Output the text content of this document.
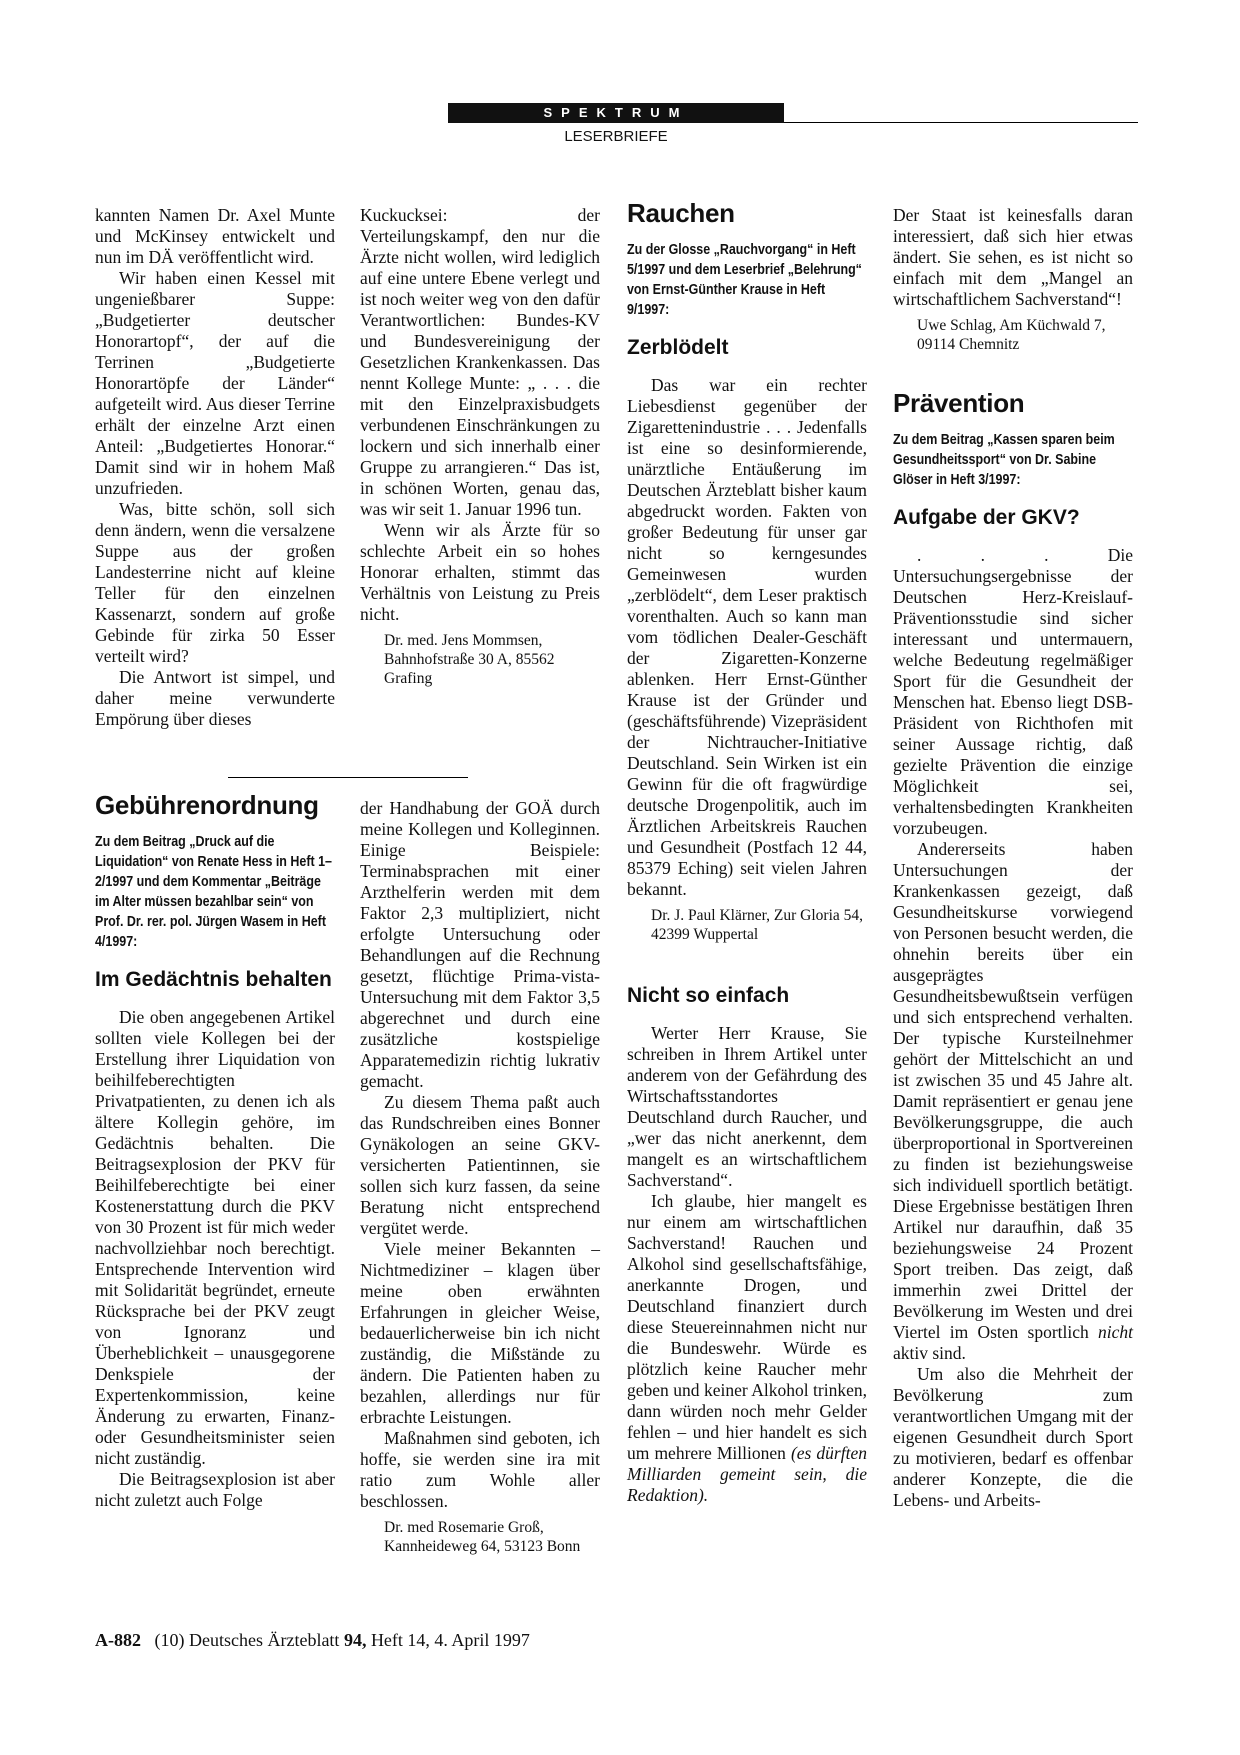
SPEKTRUM
LESERBRIEFE

kannten Namen Dr. Axel Munte und McKinsey entwickelt und nun im DÄ veröffentlicht wird.

Wir haben einen Kessel mit ungenießbarer Suppe: „Budgetierter deutscher Honorartopf“, der auf die Terrinen „Budgetierte Honorartöpfe der Länder“ aufgeteilt wird. Aus dieser Terrine erhält der einzelne Arzt einen Anteil: „Budgetiertes Honorar.“ Damit sind wir in hohem Maß unzufrieden.

Was, bitte schön, soll sich denn ändern, wenn die versalzene Suppe aus der großen Landesterrine nicht auf kleine Teller für den einzelnen Kassenarzt, sondern auf große Gebinde für zirka 50 Esser verteilt wird?

Die Antwort ist simpel, und daher meine verwunderte Empörung über dieses

Kuckucksei: der Verteilungskampf, den nur die Ärzte nicht wollen, wird lediglich auf eine untere Ebene verlegt und ist noch weiter weg von den dafür Verantwortlichen: Bundes-KV und Bundesvereinigung der Gesetzlichen Krankenkassen. Das nennt Kollege Munte: „ . . . die mit den Einzelpraxisbudgets verbundenen Einschränkungen zu lockern und sich innerhalb einer Gruppe zu arrangieren.“ Das ist, in schönen Worten, genau das, was wir seit 1. Januar 1996 tun.

Wenn wir als Ärzte für so schlechte Arbeit ein so hohes Honorar erhalten, stimmt das Verhältnis von Leistung zu Preis nicht.

Dr. med. Jens Mommsen, Bahnhofstraße 30 A, 85562 Grafing

Gebührenordnung
Zu dem Beitrag „Druck auf die Liquidation“ von Renate Hess in Heft 1–2/1997 und dem Kommentar „Beiträge im Alter müssen bezahlbar sein“ von Prof. Dr. rer. pol. Jürgen Wasem in Heft 4/1997:
Im Gedächtnis behalten

Die oben angegebenen Artikel sollten viele Kollegen bei der Erstellung ihrer Liquidation von beihilfeberechtigten Privatpatienten, zu denen ich als ältere Kollegin gehöre, im Gedächtnis behalten. Die Beitragsexplosion der PKV für Beihilfeberechtigte bei einer Kostenerstattung durch die PKV von 30 Prozent ist für mich weder nachvollziehbar noch berechtigt. Entsprechende Intervention wird mit Solidarität begründet, erneute Rücksprache bei der PKV zeugt von Ignoranz und Überheblichkeit – unausgegorene Denkspiele der Expertenkommission, keine Änderung zu erwarten, Finanz- oder Gesundheitsminister seien nicht zuständig.

Die Beitragsexplosion ist aber nicht zuletzt auch Folge

der Handhabung der GOÄ durch meine Kollegen und Kolleginnen. Einige Beispiele: Terminabsprachen mit einer Arzthelferin werden mit dem Faktor 2,3 multipliziert, nicht erfolgte Untersuchung oder Behandlungen auf die Rechnung gesetzt, flüchtige Prima-vista-Untersuchung mit dem Faktor 3,5 abgerechnet und durch eine zusätzliche kostspielige Apparatemedizin richtig lukrativ gemacht.

Zu diesem Thema paßt auch das Rundschreiben eines Bonner Gynäkologen an seine GKV-versicherten Patientinnen, sie sollen sich kurz fassen, da seine Beratung nicht entsprechend vergütet werde.

Viele meiner Bekannten – Nichtmediziner – klagen über meine oben erwähnten Erfahrungen in gleicher Weise, bedauerlicherweise bin ich nicht zuständig, die Mißstände zu ändern. Die Patienten haben zu bezahlen, allerdings nur für erbrachte Leistungen.

Maßnahmen sind geboten, ich hoffe, sie werden sine ira mit ratio zum Wohle aller beschlossen.

Dr. med Rosemarie Groß, Kannheideweg 64, 53123 Bonn

Rauchen
Zu der Glosse „Rauchvorgang“ in Heft 5/1997 und dem Leserbrief „Belehrung“ von Ernst-Günther Krause in Heft 9/1997:
Zerblödelt

Das war ein rechter Liebesdienst gegenüber der Zigarettenindustrie . . . Jedenfalls ist eine so desinformierende, unärztliche Entäußerung im Deutschen Ärzteblatt bisher kaum abgedruckt worden. Fakten von großer Bedeutung für unser gar nicht so kerngesundes Gemeinwesen wurden „zerblödelt“, dem Leser praktisch vorenthalten. Auch so kann man vom tödlichen Dealer-Geschäft der Zigaretten-Konzerne ablenken. Herr Ernst-Günther Krause ist der Gründer und (geschäftsführende) Vizepräsident der Nichtraucher-Initiative Deutschland. Sein Wirken ist ein Gewinn für die oft fragwürdige deutsche Drogenpolitik, auch im Ärztlichen Arbeitskreis Rauchen und Gesundheit (Postfach 12 44, 85379 Eching) seit vielen Jahren bekannt.

Dr. J. Paul Klärner, Zur Gloria 54, 42399 Wuppertal

Nicht so einfach

Werter Herr Krause, Sie schreiben in Ihrem Artikel unter anderem von der Gefährdung des Wirtschaftsstandortes Deutschland durch Raucher, und „wer das nicht anerkennt, dem mangelt es an wirtschaftlichem Sachverstand“.

Ich glaube, hier mangelt es nur einem am wirtschaftlichen Sachverstand! Rauchen und Alkohol sind gesellschaftsfähige, anerkannte Drogen, und Deutschland finanziert durch diese Steuereinnahmen nicht nur die Bundeswehr. Würde es plötzlich keine Raucher mehr geben und keiner Alkohol trinken, dann würden noch mehr Gelder fehlen – und hier handelt es sich um mehrere Millionen (es dürften Milliarden gemeint sein, die Redaktion).

Der Staat ist keinesfalls daran interessiert, daß sich hier etwas ändert. Sie sehen, es ist nicht so einfach mit dem „Mangel an wirtschaftlichem Sachverstand“!

Uwe Schlag, Am Küchwald 7, 09114 Chemnitz

Prävention
Zu dem Beitrag „Kassen sparen beim Gesundheitssport“ von Dr. Sabine Glöser in Heft 3/1997:
Aufgabe der GKV?

. . . Die Untersuchungsergebnisse der Deutschen Herz-Kreislauf-Präventionsstudie sind sicher interessant und untermauern, welche Bedeutung regelmäßiger Sport für die Gesundheit der Menschen hat. Ebenso liegt DSB-Präsident von Richthofen mit seiner Aussage richtig, daß gezielte Prävention die einzige Möglichkeit sei, verhaltensbedingten Krankheiten vorzubeugen.

Andererseits haben Untersuchungen der Krankenkassen gezeigt, daß Gesundheitskurse vorwiegend von Personen besucht werden, die ohnehin bereits über ein ausgeprägtes Gesundheitsbewußtsein verfügen und sich entsprechend verhalten. Der typische Kursteilnehmer gehört der Mittelschicht an und ist zwischen 35 und 45 Jahre alt. Damit repräsentiert er genau jene Bevölkerungsgruppe, die auch überproportional in Sportvereinen zu finden ist beziehungsweise sich individuell sportlich betätigt. Diese Ergebnisse bestätigen Ihren Artikel nur daraufhin, daß 35 beziehungsweise 24 Prozent Sport treiben. Das zeigt, daß immerhin zwei Drittel der Bevölkerung im Westen und drei Viertel im Osten sportlich nicht aktiv sind.

Um also die Mehrheit der Bevölkerung zum verantwortlichen Umgang mit der eigenen Gesundheit durch Sport zu motivieren, bedarf es offenbar anderer Konzepte, die die Lebens- und Arbeits-

A-882 (10) Deutsches Ärzteblatt 94, Heft 14, 4. April 1997
